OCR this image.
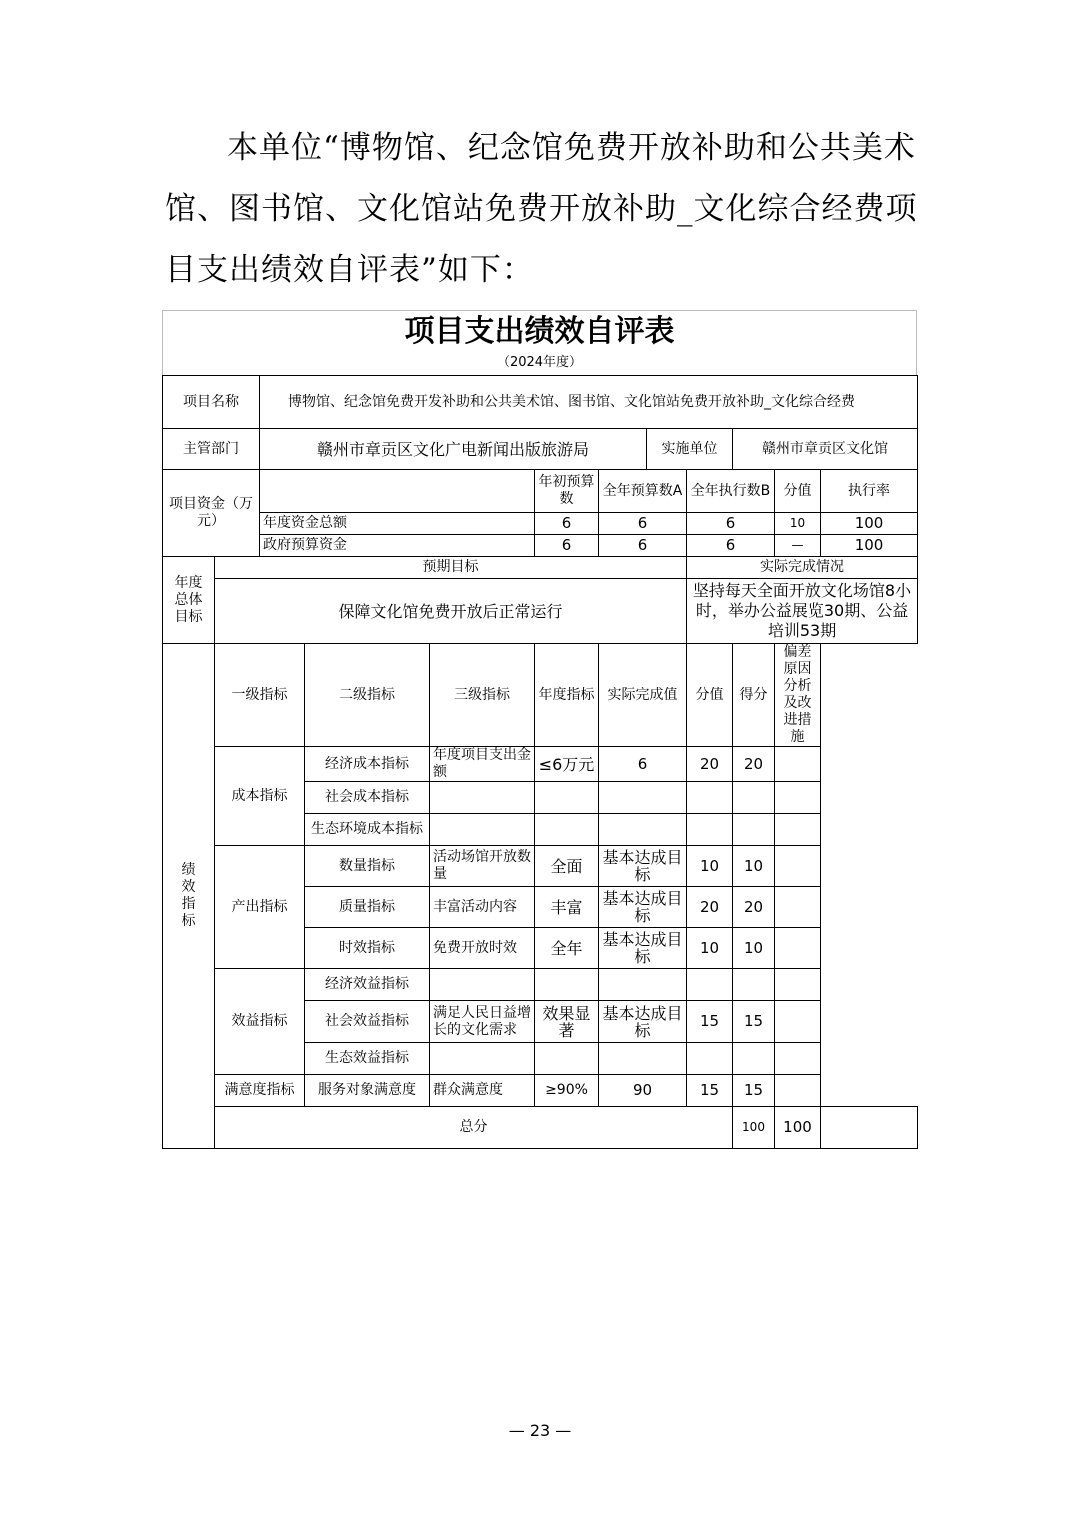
本单位“博物馆、纪念馆免费开放补助和公共美术馆、图书馆、文化馆站免费开放补助_文化综合经费项目支出绩效自评表”如下：

项目支出绩效自评表
（2024年度）
项目名称		博物馆、纪念馆免费开发补助和公共美术馆、图书馆、文化馆站免费开放补助_文化综合经费										
主管部门		赣州市章贡区文化广电新闻出版旅游局					实施单位		赣州市章贡区文化馆			
项目资金（万元）					年初预算数	全年预算数A		全年执行数B		分值	执行率	
		年度资金总额			6	6		6		10	100	
		政府预算资金			6	6		6		—	100	
年度总体目标	预期目标							实际完成情况				
	保障文化馆免费开放后正常运行							坚持每天全面开放文化场馆8小时，举办公益展览30期、公益培训53期				
绩效指标	一级指标		二级指标	三级指标	年度指标	实际完成值		分值	得分	偏差原因分析及改进措施		
	成本指标		经济成本指标	年度项目支出金额	≤6万元	6		20	20			
			社会成本指标									
			生态环境成本指标									
	产出指标		数量指标	活动场馆开放数量	全面	基本达成目标		10	10			
			质量指标	丰富活动内容	丰富	基本达成目标		20	20			
			时效指标	免费开放时效	全年	基本达成目标		10	10			
	效益指标		经济效益指标									
			社会效益指标	满足人民日益增长的文化需求	效果显著	基本达成目标		15	15			
			生态效益指标									
	满意度指标		服务对象满意度	群众满意度	≥90%	90		15	15			
	总分								100	100		
— 23 —
